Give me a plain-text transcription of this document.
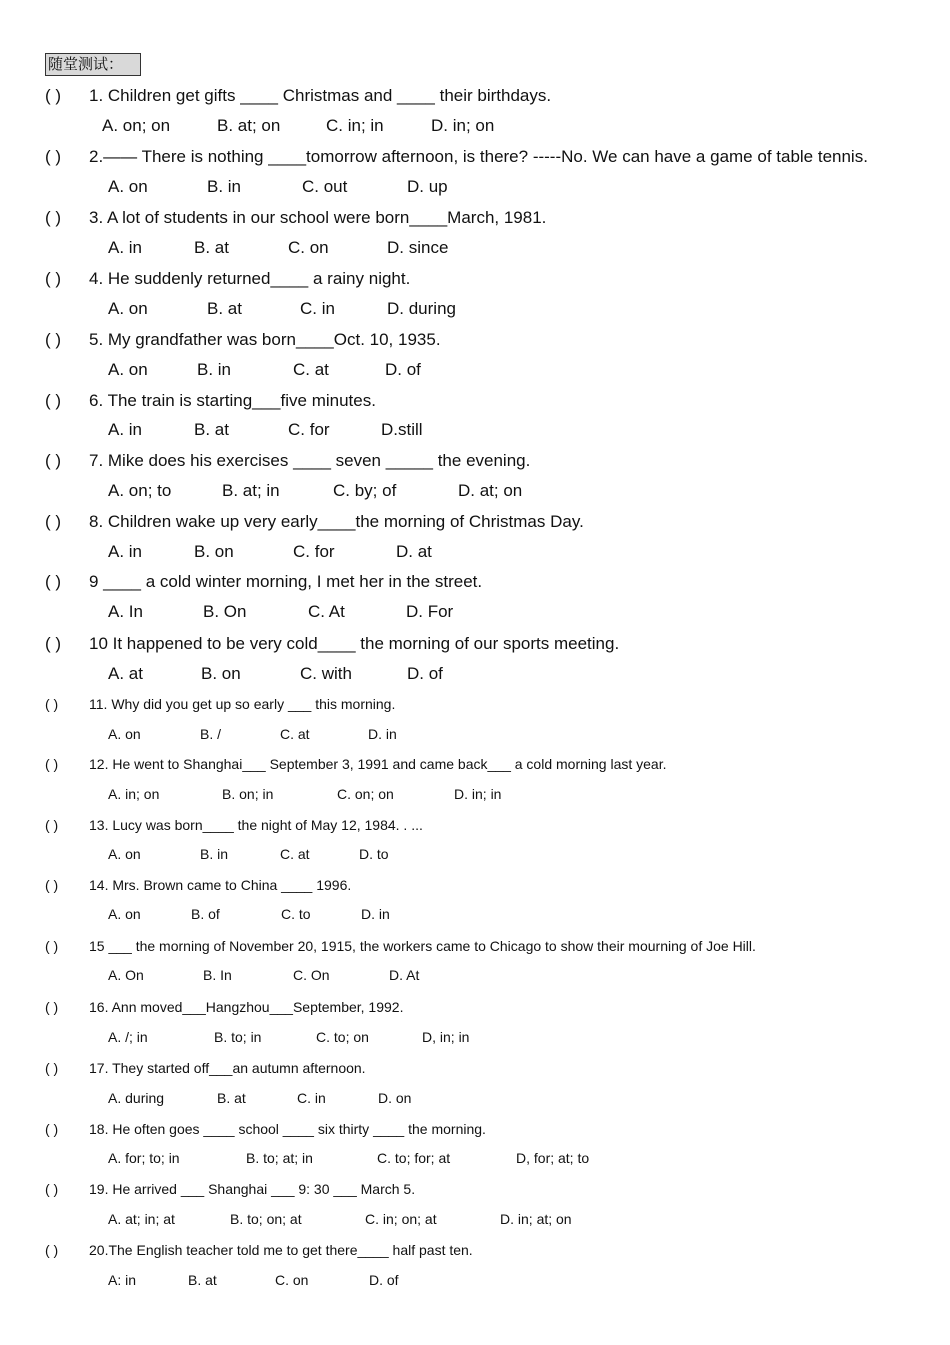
随堂测试：
( ) 1. Children get gifts ____ Christmas and ____ their birthdays.
A. on; on	B. at; on	C. in; in	D. in; on
( ) 2.—— There is nothing ____tomorrow afternoon, is there? -----No. We can have a game of table tennis.
A. on	B. in	C. out	D. up
( ) 3. A lot of students in our school were born____March, 1981.
A. in	B. at	C. on	D. since
( ) 4. He suddenly returned____ a rainy night.
A. on	B. at	C. in	D. during
( ) 5. My grandfather was born____Oct. 10, 1935.
A. on	B. in	C. at	D. of
( ) 6. The train is starting___five minutes.
A. in	B. at	C. for	D.still
( ) 7. Mike does his exercises ____ seven _____ the evening.
A. on; to	B. at; in	C. by; of	D. at; on
( ) 8. Children wake up very early____the morning of Christmas Day.
A. in	B. on	C. for	D. at
( ) 9 ____ a cold winter morning, I met her in the street.
A. In	B. On	C. At	D. For
( ) 10 It happened to be very cold____ the morning of our sports meeting.
A. at	B. on	C. with	D. of
( ) 11. Why did you get up so early ___ this morning.
A. on	B. /	C. at	D. in
( ) 12. He went to Shanghai___ September 3, 1991 and came back___ a cold morning last year.
A. in; on	B. on; in	C. on; on	D. in; in
( ) 13. Lucy was born____ the night of May 12, 1984. . ...
A. on	B. in	C. at	D. to
( ) 14. Mrs. Brown came to China ____ 1996.
A. on	B. of	C. to	D. in
( ) 15 ___ the morning of November 20, 1915, the workers came to Chicago to show their mourning of Joe Hill.
A. On	B. In	C. On	D. At
( ) 16. Ann moved___Hangzhou___September, 1992.
A. /; in	B. to; in	C. to; on	D, in; in
( ) 17. They started off___an autumn afternoon.
A. during	B. at	C. in	D. on
( ) 18. He often goes ____ school ____ six thirty ____ the morning.
A. for; to; in	B. to; at; in	C. to; for; at	D, for; at; to
( ) 19. He arrived ___ Shanghai ___ 9: 30 ___ March 5.
A. at; in; at	B. to; on; at	C. in; on; at	D. in; at; on
( ) 20.The English teacher told me to get there____ half past ten.
A: in	B. at	C. on	D. of
